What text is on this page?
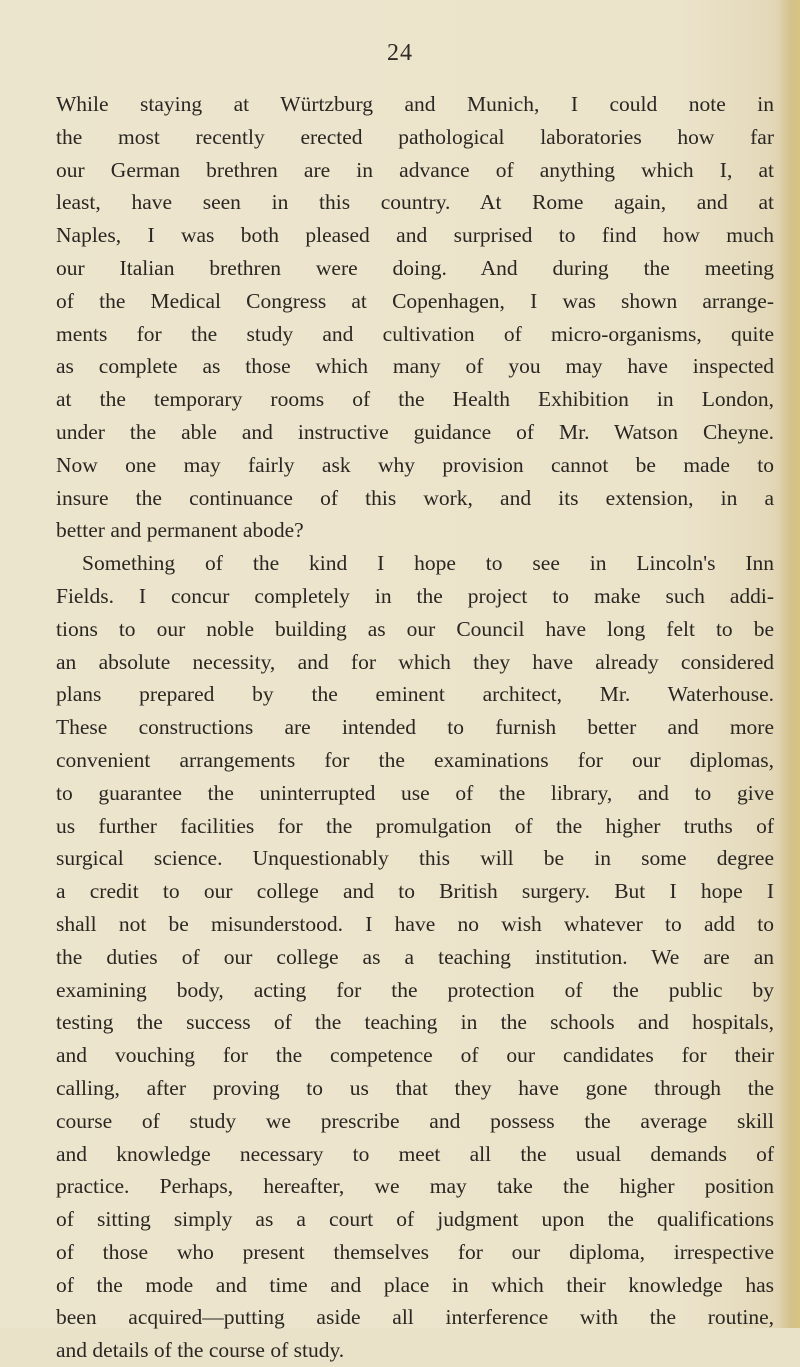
24
While staying at Würtzburg and Munich, I could note in
the most recently erected pathological laboratories how far
our German brethren are in advance of anything which I, at
least, have seen in this country. At Rome again, and at
Naples, I was both pleased and surprised to find how much
our Italian brethren were doing. And during the meeting
of the Medical Congress at Copenhagen, I was shown arrange-
ments for the study and cultivation of micro-organisms, quite
as complete as those which many of you may have inspected
at the temporary rooms of the Health Exhibition in London,
under the able and instructive guidance of Mr. Watson Cheyne.
Now one may fairly ask why provision cannot be made to
insure the continuance of this work, and its extension, in a
better and permanent abode?
Something of the kind I hope to see in Lincoln's Inn
Fields. I concur completely in the project to make such addi-
tions to our noble building as our Council have long felt to be
an absolute necessity, and for which they have already considered
plans prepared by the eminent architect, Mr. Waterhouse.
These constructions are intended to furnish better and more
convenient arrangements for the examinations for our diplomas,
to guarantee the uninterrupted use of the library, and to give
us further facilities for the promulgation of the higher truths of
surgical science. Unquestionably this will be in some degree
a credit to our college and to British surgery. But I hope I
shall not be misunderstood. I have no wish whatever to add to
the duties of our college as a teaching institution. We are an
examining body, acting for the protection of the public by
testing the success of the teaching in the schools and hospitals,
and vouching for the competence of our candidates for their
calling, after proving to us that they have gone through the
course of study we prescribe and possess the average skill
and knowledge necessary to meet all the usual demands of
practice. Perhaps, hereafter, we may take the higher position
of sitting simply as a court of judgment upon the qualifications
of those who present themselves for our diploma, irrespective
of the mode and time and place in which their knowledge has
been acquired—putting aside all interference with the routine,
and details of the course of study.
